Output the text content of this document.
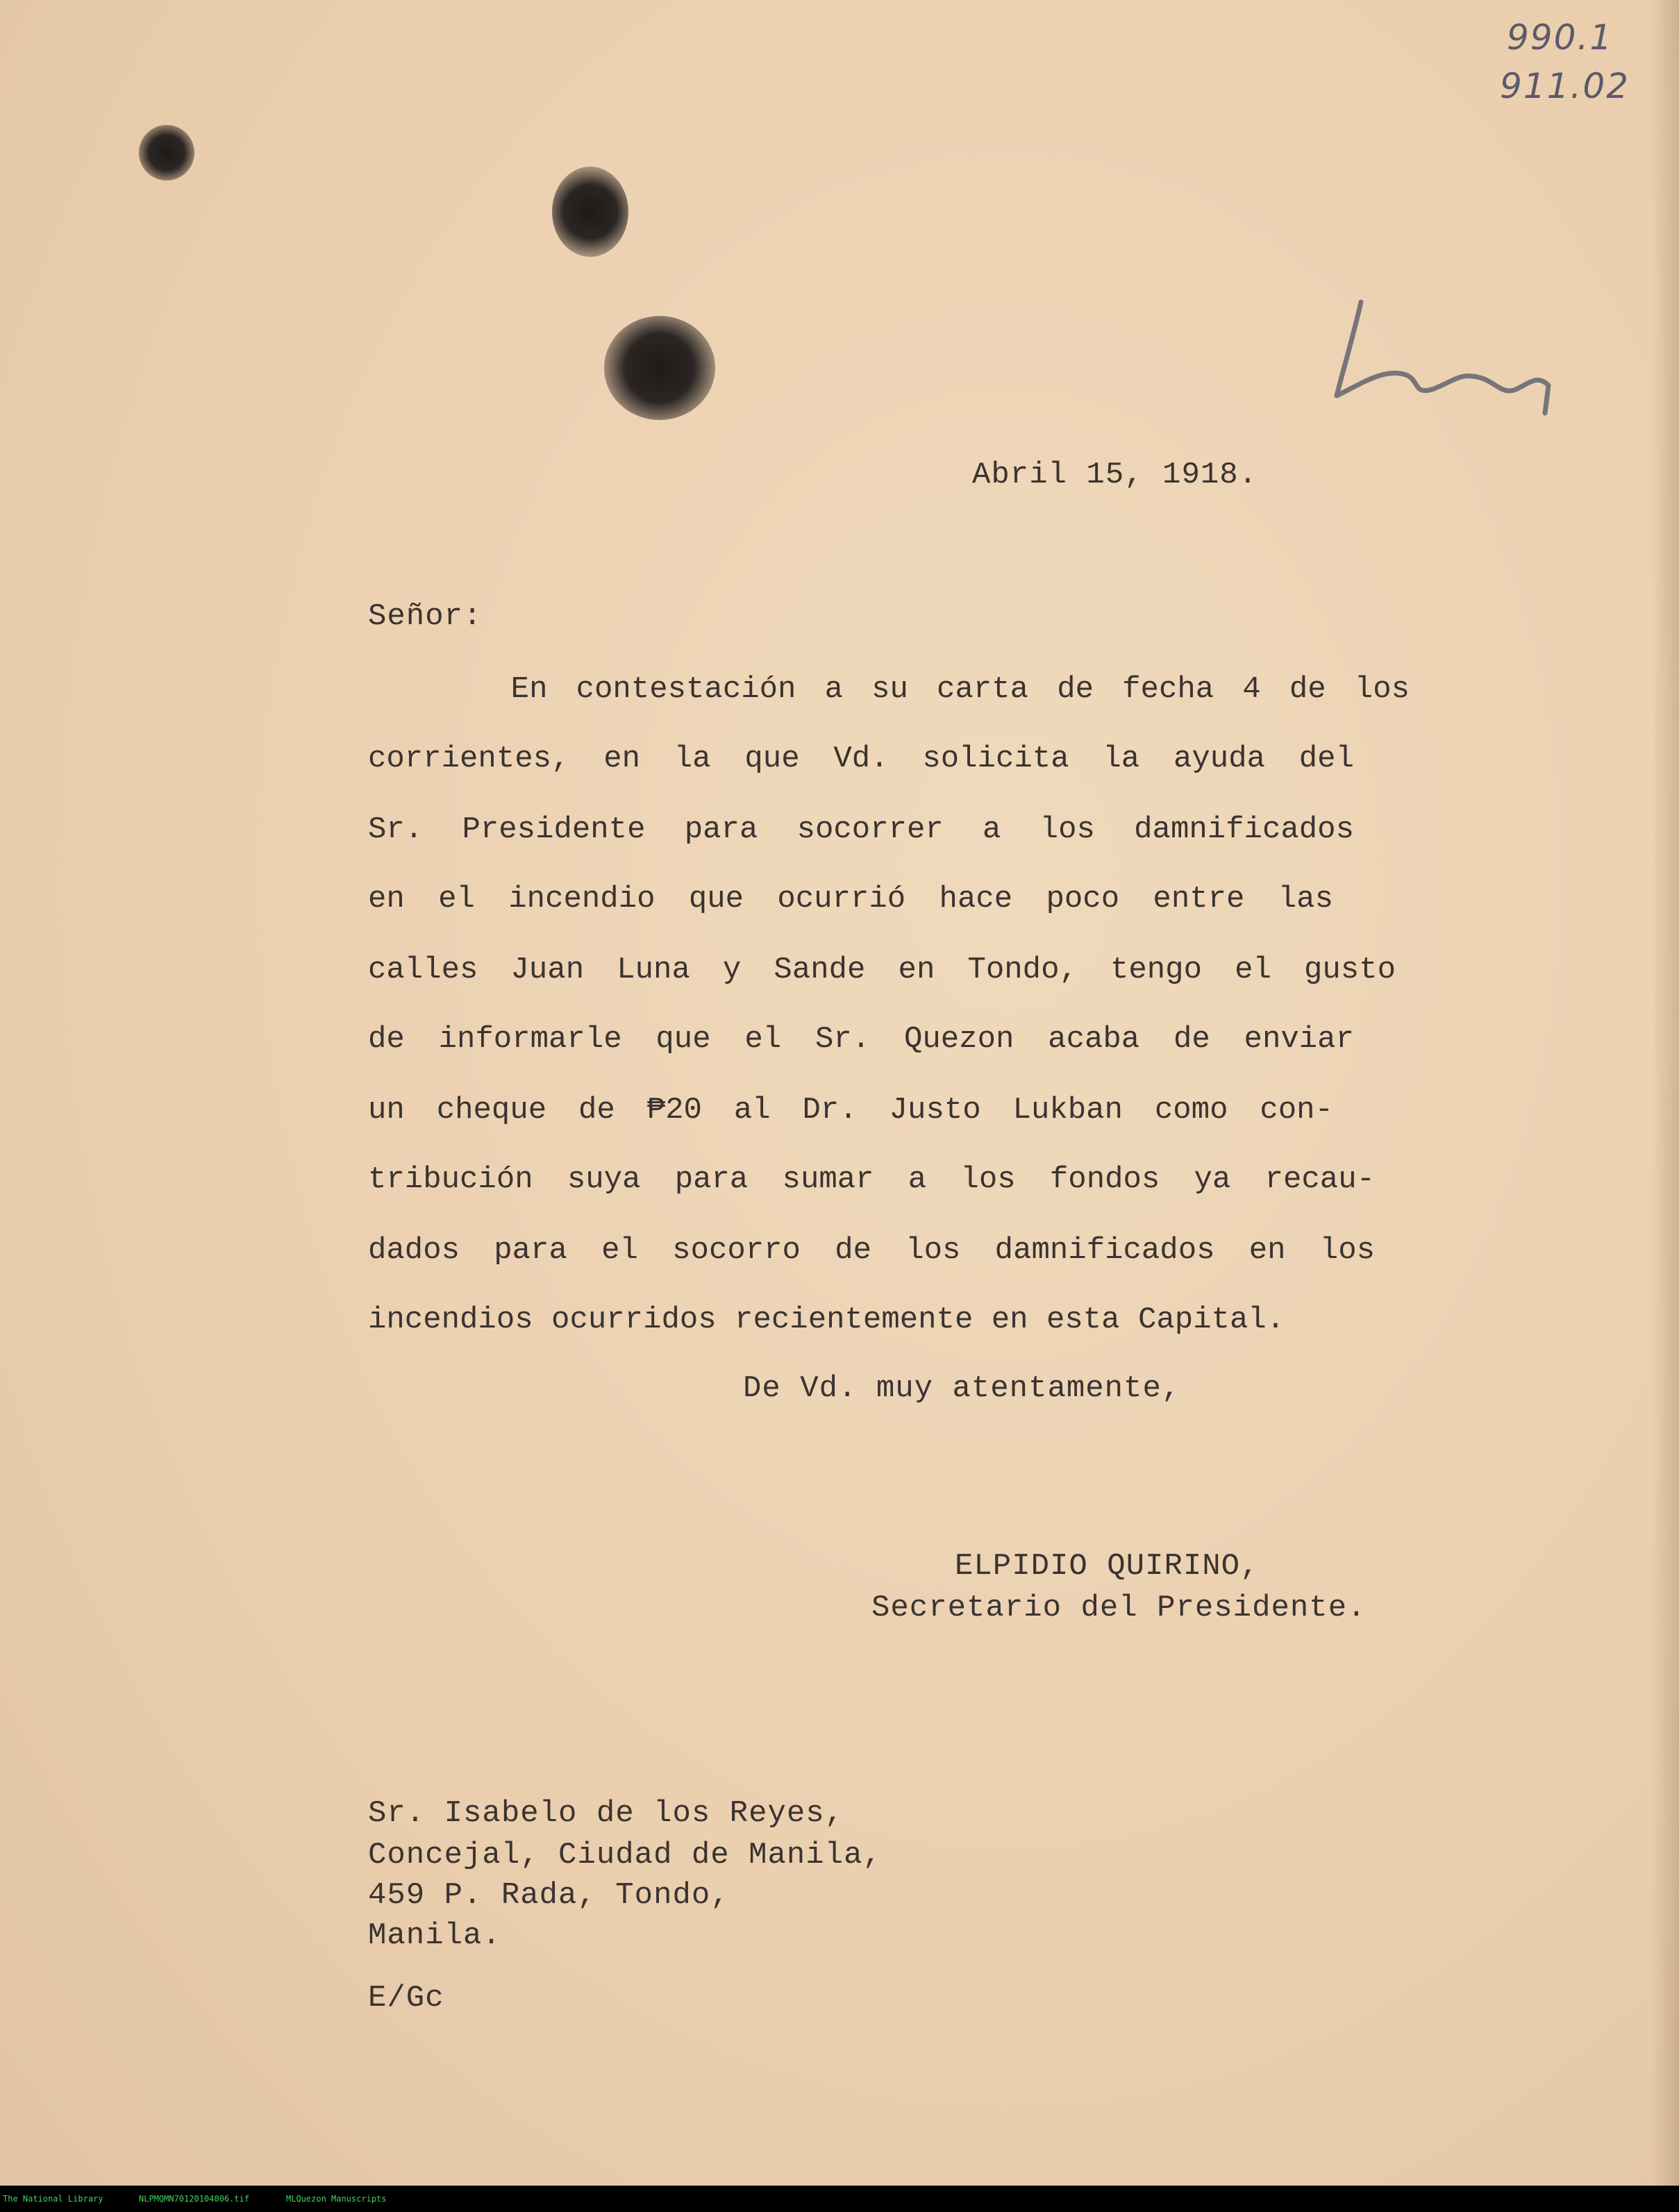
990.1
911.02
Abril 15, 1918.
Señor:
En contestación a su carta de fecha 4 de los
corrientes, en la que Vd. solicita la ayuda del
Sr. Presidente para socorrer a los damnificados
en el incendio que ocurrió hace poco entre las
calles Juan Luna y Sande en Tondo, tengo el gusto
de informarle que el Sr. Quezon acaba de enviar
un cheque de ₱20 al Dr. Justo Lukban como con-
tribución suya para sumar a los fondos ya recau-
dados para el socorro de los damnificados en los
incendios ocurridos recientemente en esta Capital.
De Vd. muy atentamente,
ELPIDIO QUIRINO,
Secretario del Presidente.
Sr. Isabelo de los Reyes,
Concejal, Ciudad de Manila,
459 P. Rada, Tondo,
Manila.
E/Gc
The National Library	NLPMQMN70120104006.tif	MLQuezon Manuscripts
